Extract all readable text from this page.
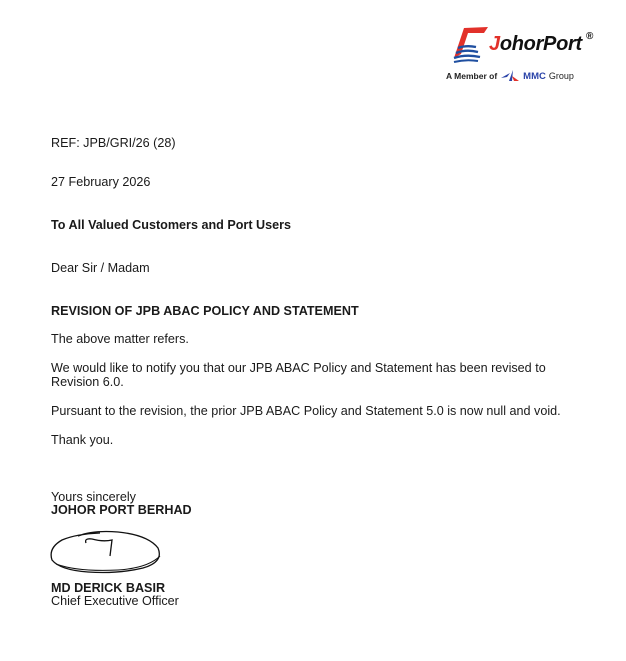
JohorPort ®
A Member of	MMC Group
REF: JPB/GRI/26 (28)
27 February 2026
To All Valued Customers and Port Users
Dear Sir / Madam
REVISION OF JPB ABAC POLICY AND STATEMENT
The above matter refers.
We would like to notify you that our JPB ABAC Policy and Statement has been revised to
Revision 6.0.
Pursuant to the revision, the prior JPB ABAC Policy and Statement 5.0 is now null and void.
Thank you.
Yours sincerely
JOHOR PORT BERHAD
MD DERICK BASIR
Chief Executive Officer
